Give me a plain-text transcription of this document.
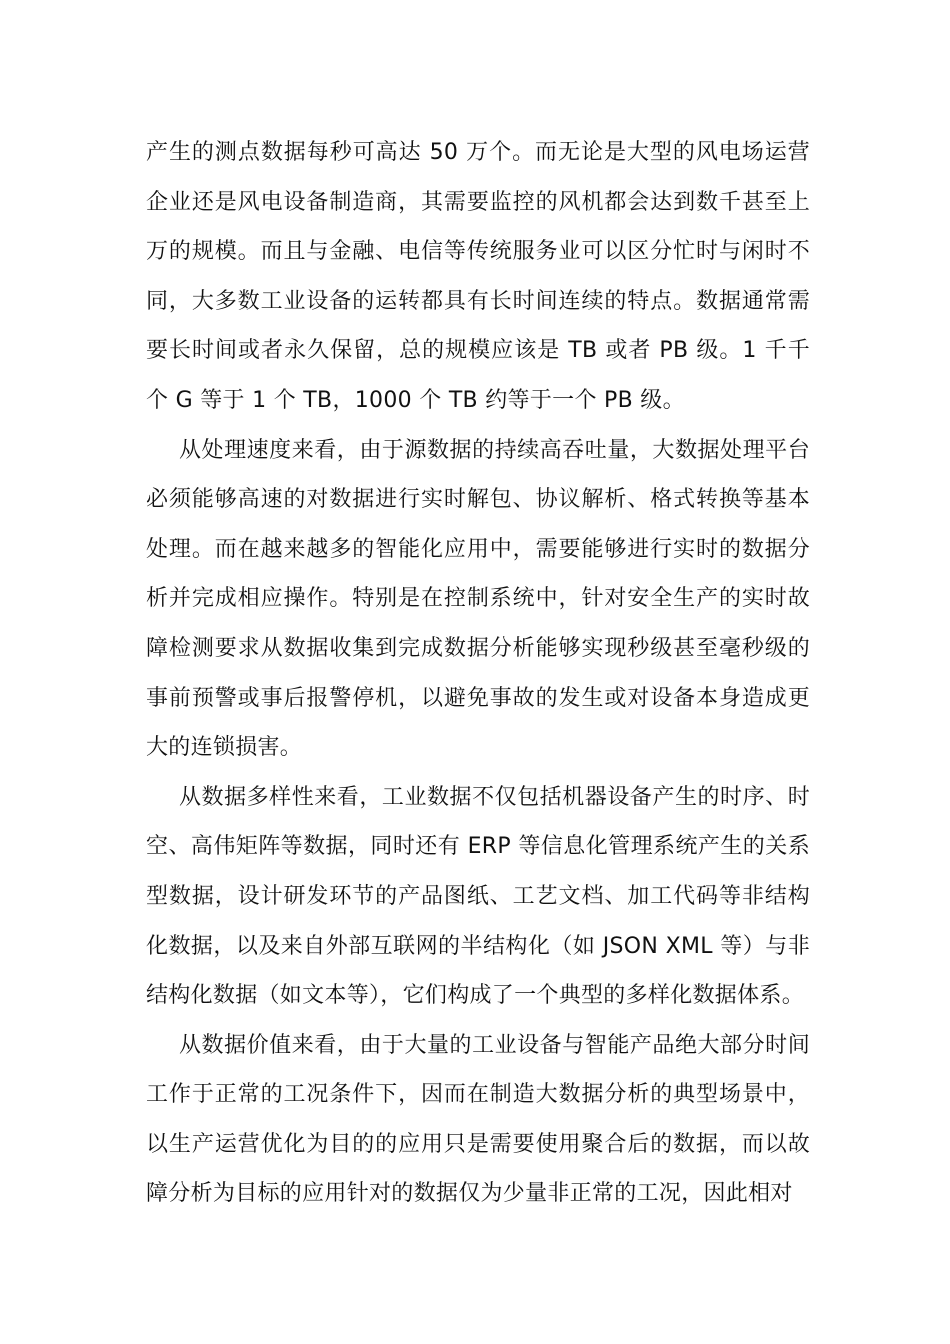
产生的测点数据每秒可高达 50 万个。而无论是大型的风电场运营企业还是风电设备制造商，其需要监控的风机都会达到数千甚至上万的规模。而且与金融、电信等传统服务业可以区分忙时与闲时不同，大多数工业设备的运转都具有长时间连续的特点。数据通常需要长时间或者永久保留，总的规模应该是 TB 或者 PB 级。1 千千个 G 等于 1 个 TB，1000 个 TB 约等于一个 PB 级。

从处理速度来看，由于源数据的持续高吞吐量，大数据处理平台必须能够高速的对数据进行实时解包、协议解析、格式转换等基本处理。而在越来越多的智能化应用中，需要能够进行实时的数据分析并完成相应操作。特别是在控制系统中，针对安全生产的实时故障检测要求从数据收集到完成数据分析能够实现秒级甚至毫秒级的事前预警或事后报警停机，以避免事故的发生或对设备本身造成更大的连锁损害。

从数据多样性来看，工业数据不仅包括机器设备产生的时序、时空、高伟矩阵等数据，同时还有 ERP 等信息化管理系统产生的关系型数据，设计研发环节的产品图纸、工艺文档、加工代码等非结构化数据，以及来自外部互联网的半结构化（如 JSON XML 等）与非结构化数据（如文本等），它们构成了一个典型的多样化数据体系。

从数据价值来看，由于大量的工业设备与智能产品绝大部分时间工作于正常的工况条件下，因而在制造大数据分析的典型场景中，以生产运营优化为目的的应用只是需要使用聚合后的数据，而以故障分析为目标的应用针对的数据仅为少量非正常的工况，因此相对
